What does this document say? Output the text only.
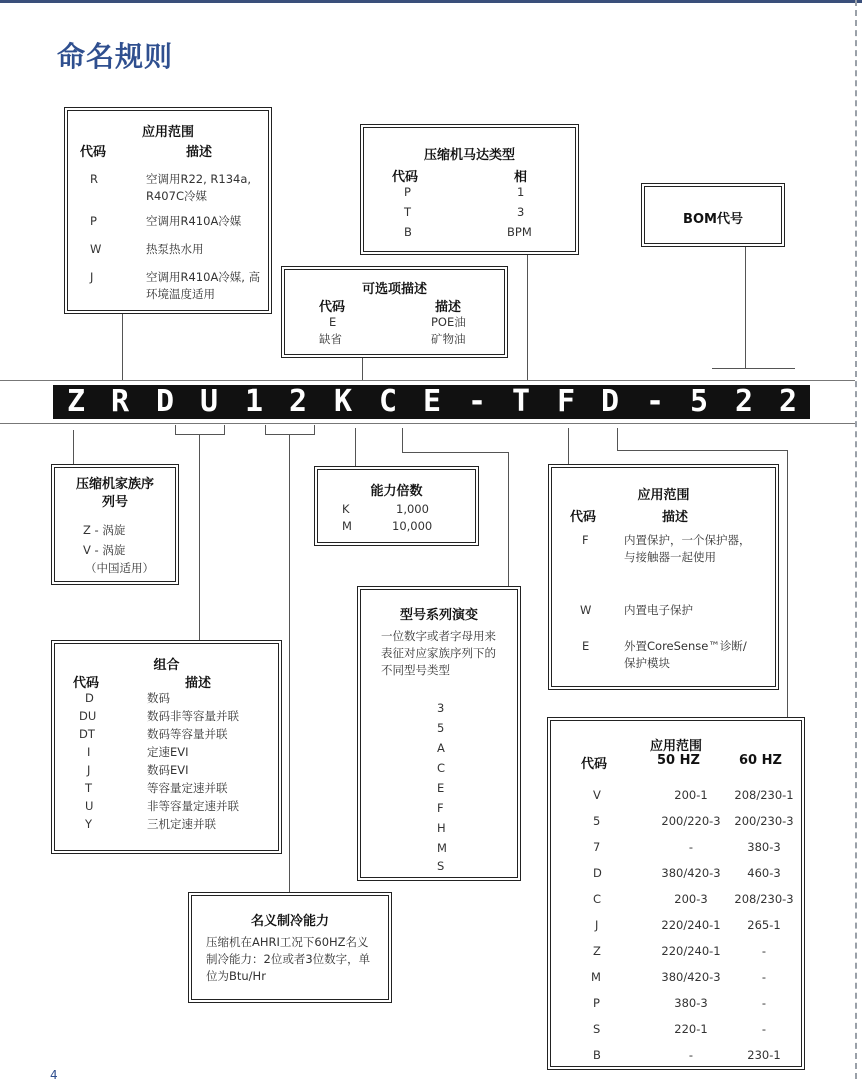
命名规则
Z R D U 1 2 K C E - T F D - 5 2 2
应用范围
代码	描述
R	空调用R22, R134a, R407C冷媒
P	空调用R410A冷媒
W	热泵热水用
J	空调用R410A冷媒, 高环境温度适用
压缩机马达类型
代码	相
P	1
T	3
B	BPM
BOM代号
可选项描述
代码	描述
E	POE油
缺省	矿物油
压缩机家族序列号
Z - 涡旋
V - 涡旋
（中国适用）
能力倍数
K	1,000
M	10,000
应用范围
代码	描述
F	内置保护，一个保护器，与接触器一起使用
W	内置电子保护
E	外置CoreSense™诊断/保护模块
组合
代码	描述
D	数码
DU	数码非等容量并联
DT	数码等容量并联
I	定速EVI
J	数码EVI
T	等容量定速并联
U	非等容量定速并联
Y	三机定速并联
型号系列演变
一位数字或者字母用来表征对应家族序列下的不同型号类型
3
5
A
C
E
F
H
M
S
名义制冷能力
压缩机在AHRI工况下60HZ名义制冷能力：2位或者3位数字，单位为Btu/Hr
应用范围
代码	50 HZ	60 HZ
V	200-1	208/230-1
5	200/220-3	200/230-3
7	-	380-3
D	380/420-3	460-3
C	200-3	208/230-3
J	220/240-1	265-1
Z	220/240-1	-
M	380/420-3	-
P	380-3	-
S	220-1	-
B	-	230-1
4
